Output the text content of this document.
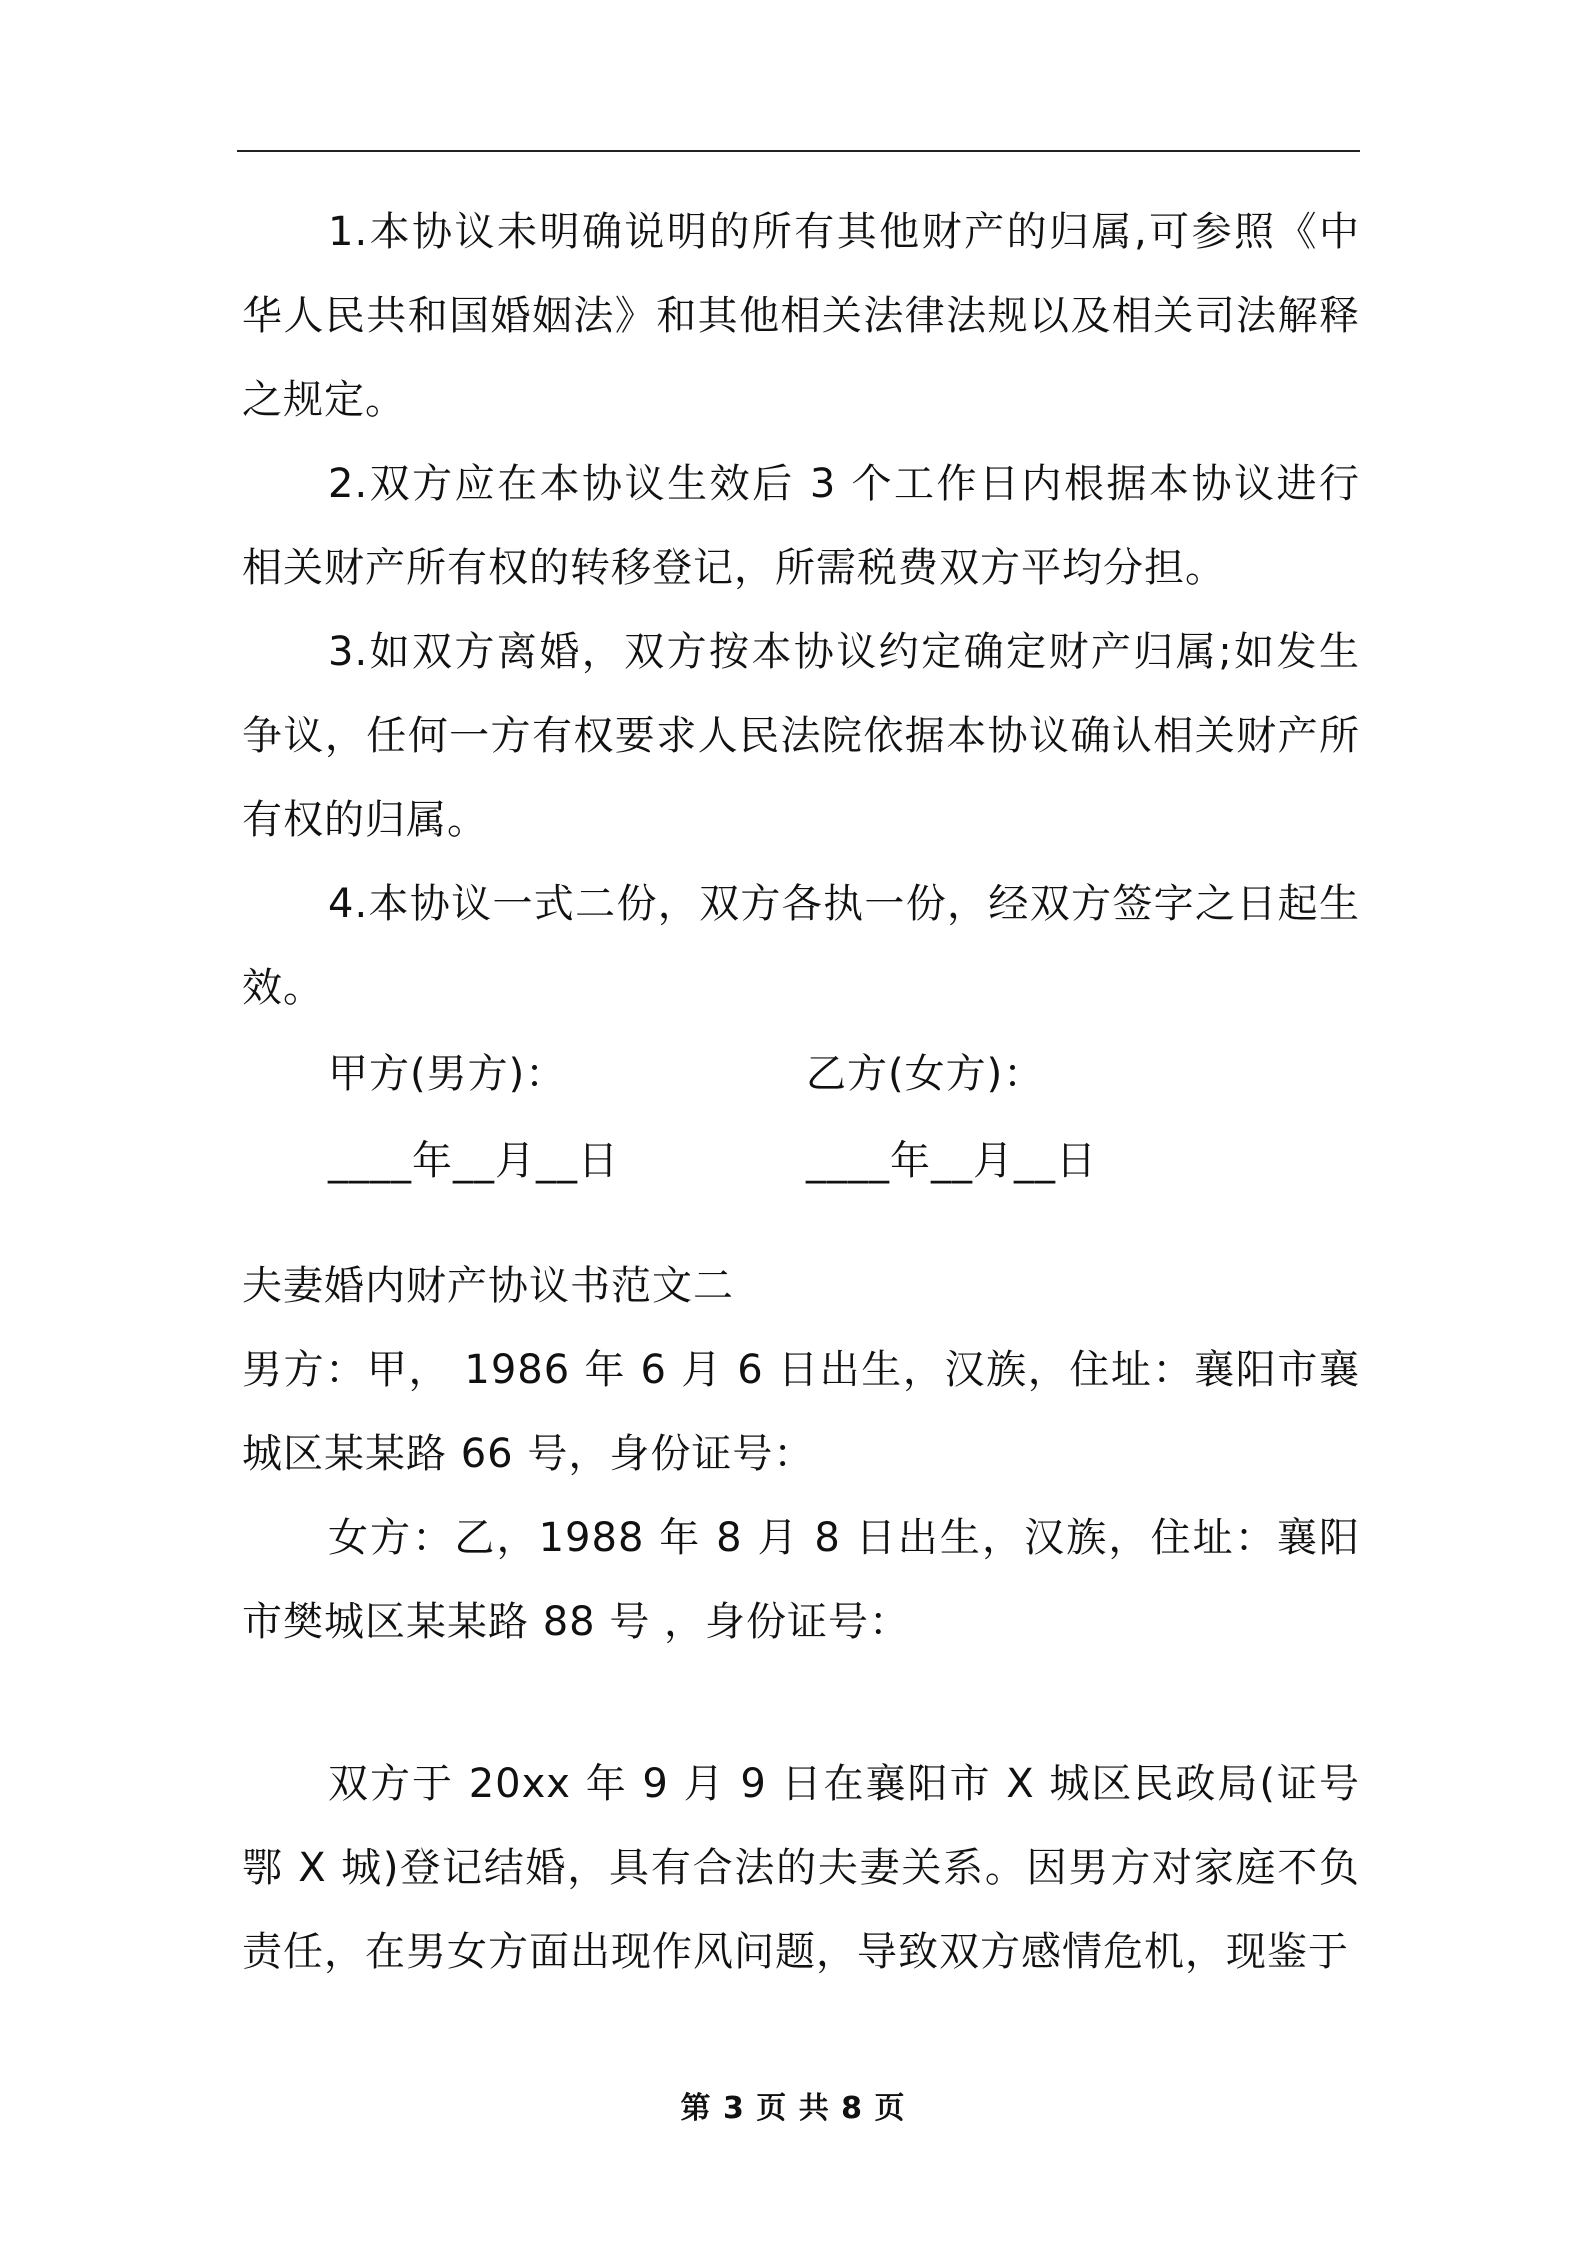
1.本协议未明确说明的所有其他财产的归属,可参照《中华人民共和国婚姻法》和其他相关法律法规以及相关司法解释之规定。

2.双方应在本协议生效后 3 个工作日内根据本协议进行相关财产所有权的转移登记，所需税费双方平均分担。

3.如双方离婚，双方按本协议约定确定财产归属;如发生争议，任何一方有权要求人民法院依据本协议确认相关财产所有权的归属。

4.本协议一式二份，双方各执一份，经双方签字之日起生效。

甲方(男方)：	乙方(女方)：
____年__月__日	____年__月__日

夫妻婚内财产协议书范文二

男方：甲， 1986 年 6 月 6 日出生，汉族，住址：襄阳市襄城区某某路 66 号，身份证号：

女方：乙，1988 年 8 月 8 日出生，汉族，住址：襄阳市樊城区某某路 88 号 ，身份证号：

双方于 20xx 年 9 月 9 日在襄阳市 X 城区民政局(证号鄂 X 城)登记结婚，具有合法的夫妻关系。因男方对家庭不负责任，在男女方面出现作风问题，导致双方感情危机，现鉴于

第 3 页 共 8 页
